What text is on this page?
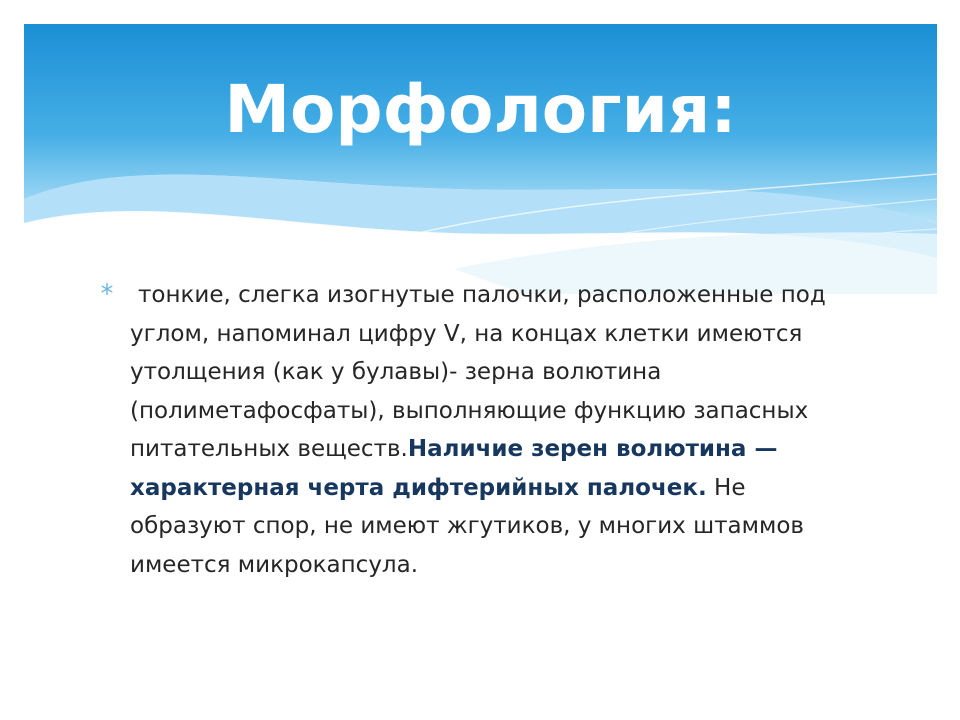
Морфология:
тонкие, слегка изогнутые палочки, расположенные под углом, напоминал цифру V, на концах клетки имеются утолщения (как у булавы)- зерна волютина (полиметафосфаты), выполняющие функцию запасных питательных веществ.Наличие зерен волютина — характерная черта дифтерийных палочек. Не образуют спор, не имеют жгутиков, у многих штаммов имеется микрокапсула.
